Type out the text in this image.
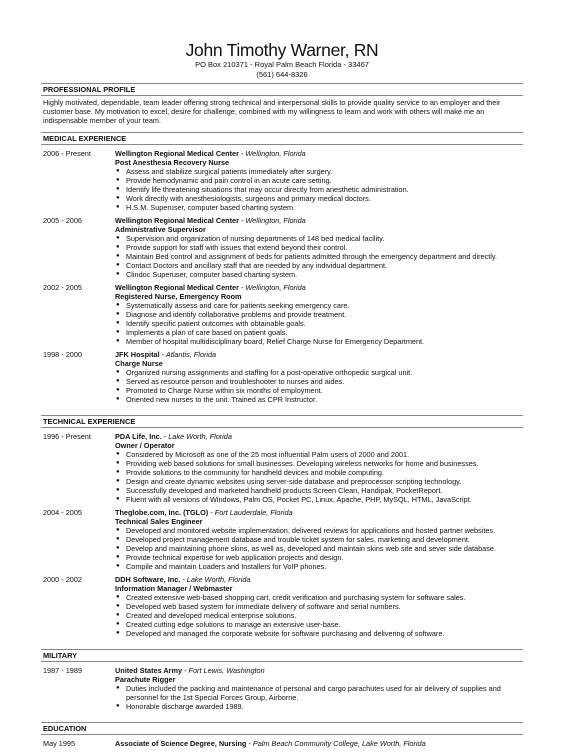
John Timothy Warner, RN
PO Box 210371 - Royal Palm Beach Florida - 33467
(561) 644-8326
PROFESSIONAL PROFILE
Highly motivated, dependable, team leader offering strong technical and interpersonal skills to provide quality service to an employer and their customer base. My motivation to excel, desire for challenge, combined with my willingness to learn and work with others will make me an indispensable member of your team.
MEDICAL EXPERIENCE
2006 - Present	Wellington Regional Medical Center - Wellington, Florida
Post Anesthesia Recovery Nurse
● Assess and stabilize surgical patients immediately after surgery.
● Provide hemodynamic and pain control in an acute care setting.
● Identify life threatening situations that may occur directly from anesthetic administration.
● Work directly with anesthesiologists, surgeons and primary medical doctors.
● H.S.M. Superuser, computer based charting system.
2005 - 2006	Wellington Regional Medical Center - Wellington, Florida
Administrative Supervisor
● Supervision and organization of nursing departments of 148 bed medical facility.
● Provide support for staff with issues that extend beyond their control.
● Maintain Bed control and assignment of beds for patients admitted through the emergency department and directly.
● Contact Doctors and ancillary staff that are needed by any individual department.
● Clindoc Superuser, computer based charting system.
2002 - 2005	Wellington Regional Medical Center - Wellington, Florida
Registered Nurse, Emergency Room
● Systematically assess and care for patients seeking emergency care.
● Diagnose and identify collaborative problems and provide treatment.
● Identify specific patient outcomes with obtainable goals.
● Implements a plan of care based on patient goals.
● Member of hospital multidisciplinary board, Relief Charge Nurse for Emergency Department.
1998 - 2000	JFK Hospital - Atlantis, Florida
Charge Nurse
● Organized nursing assignments and staffing for a post-operative orthopedic surgical unit.
● Served as resource person and troubleshooter to nurses and aides.
● Promoted to Charge Nurse within six months of employment.
● Oriented new nurses to the unit. Trained as CPR Instructor.
TECHNICAL EXPERIENCE
1996 - Present	PDA Life, Inc. - Lake Worth, Florida
Owner / Operator
● Considered by Microsoft as one of the 25 most influential Palm users of 2000 and 2001.
● Providing web based solutions for small businesses. Developing wireless networks for home and businesses.
● Provide solutions to the community for handheld devices and mobile computing.
● Design and create dynamic websites using server-side database and preprocessor scripting technology.
● Successfully developed and marketed handheld products Screen Clean, Handipak, PocketReport.
● Fluent with all versions of Windows, Palm OS, Pocket PC, Linux, Apache, PHP, MySQL, HTML, JavaScript.
2004 - 2005	Theglobe.com, Inc. (TGLO) - Fort Lauderdale, Florida
Technical Sales Engineer
● Developed and monitored website implementation, delivered reviews for applications and hosted partner websites.
● Developed project management database and trouble ticket system for sales, marketing and development.
● Develop and maintaining phone skins, as well as, developed and maintain skins web site and sever side database.
● Provide technical expertise for web application projects and design.
● Compile and maintain Loaders and Installers for VoIP phones.
2000 - 2002	DDH Software, Inc. - Lake Worth, Florida
Information Manager / Webmaster
● Created extensive web-based shopping cart, credit verification and purchasing system for software sales.
● Developed web based system for immediate delivery of software and serial numbers.
● Created and developed medical enterprise solutions.
● Created cutting edge solutions to manage an extensive user-base.
● Developed and managed the corporate website for software purchasing and delivering of software.
MILITARY
1987 - 1989	United States Army - Fort Lewis, Washington
Parachute Rigger
● Duties included the packing and maintenance of personal and cargo parachutes used for air delivery of supplies and personnel for the 1st Special Forces Group, Airborne.
● Honorable discharge awarded 1989.
EDUCATION
May 1995	Associate of Science Degree, Nursing - Palm Beach Community College, Lake Worth, Florida
